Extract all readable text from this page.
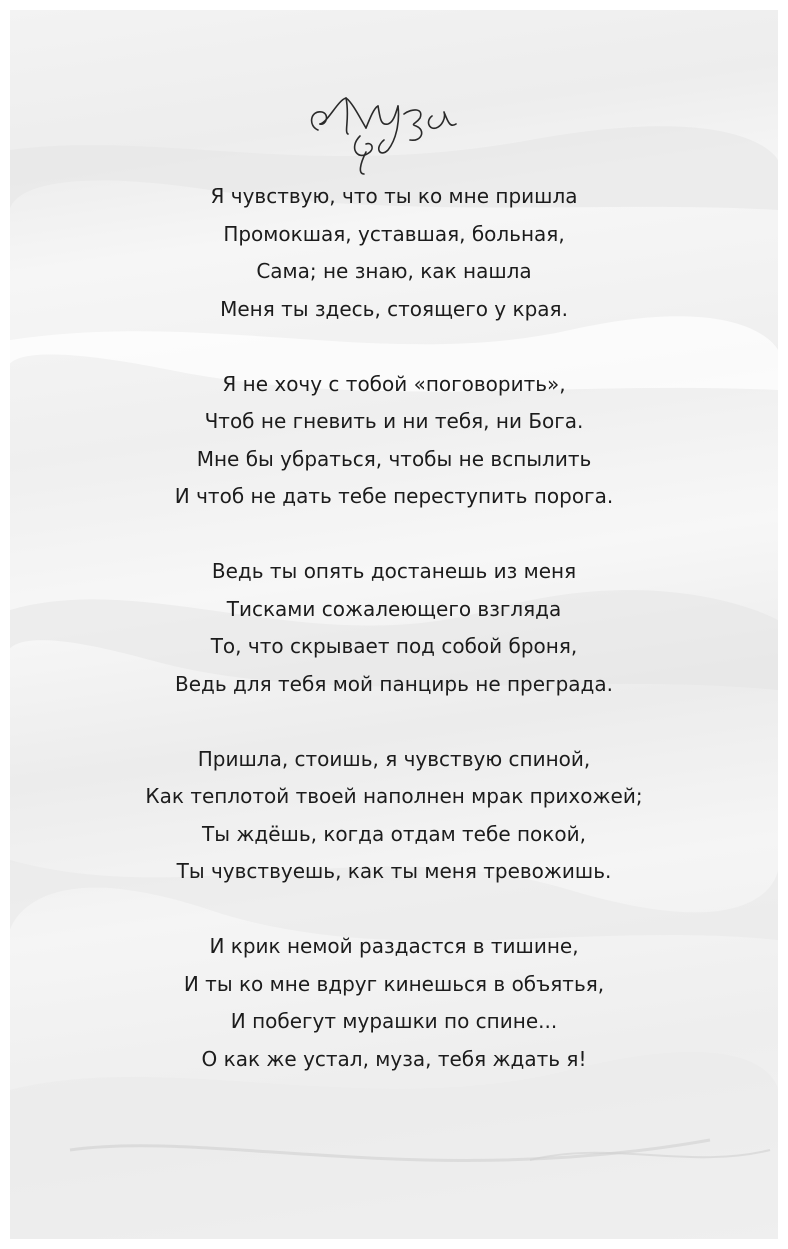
Я чувствую, что ты ко мне пришла
Промокшая, уставшая, больная,
Сама; не знаю, как нашла
Меня ты здесь, стоящего у края.
Я не хочу с тобой «поговорить»,
Чтоб не гневить и ни тебя, ни Бога.
Мне бы убраться, чтобы не вспылить
И чтоб не дать тебе переступить порога.
Ведь ты опять достанешь из меня
Тисками сожалеющего взгляда
То, что скрывает под собой броня,
Ведь для тебя мой панцирь не преграда.
Пришла, стоишь, я чувствую спиной,
Как теплотой твоей наполнен мрак прихожей;
Ты ждёшь, когда отдам тебе покой,
Ты чувствуешь, как ты меня тревожишь.
И крик немой раздастся в тишине,
И ты ко мне вдруг кинешься в объятья,
И побегут мурашки по спине...
О как же устал, муза, тебя ждать я!
